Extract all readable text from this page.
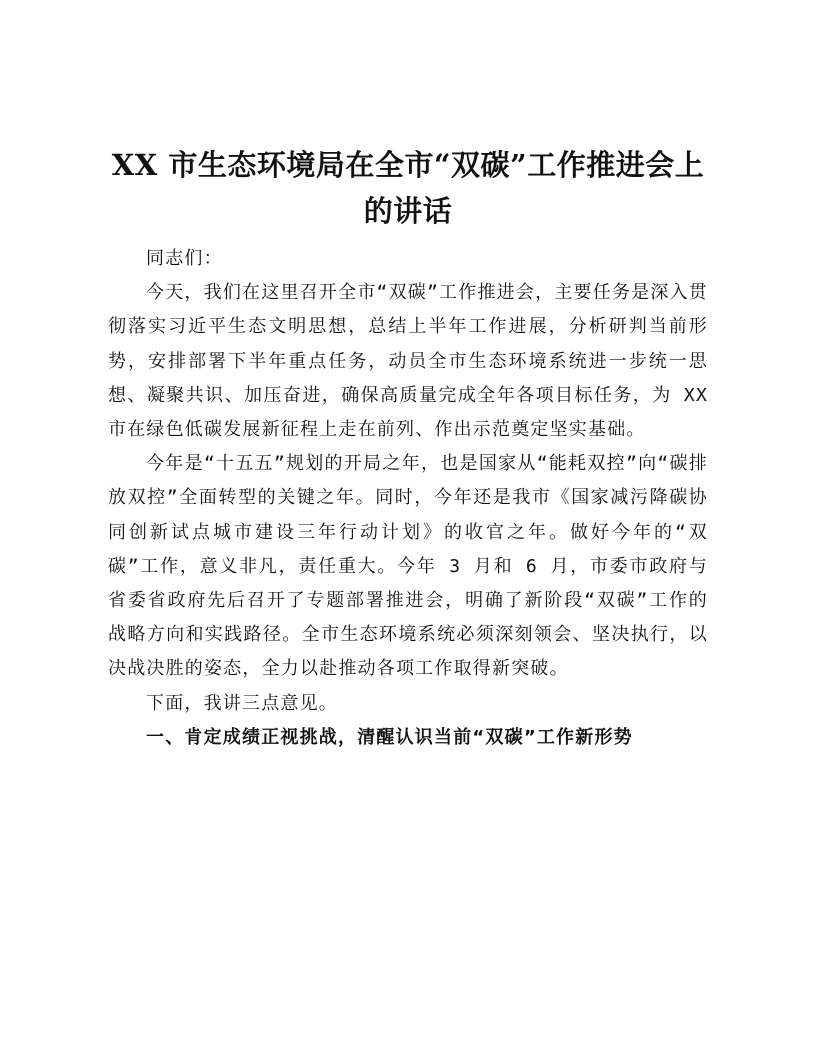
XX 市生态环境局在全市“双碳”工作推进会上的讲话

同志们：

今天，我们在这里召开全市“双碳”工作推进会，主要任务是深入贯彻落实习近平生态文明思想，总结上半年工作进展，分析研判当前形势，安排部署下半年重点任务，动员全市生态环境系统进一步统一思想、凝聚共识、加压奋进，确保高质量完成全年各项目标任务，为 XX 市在绿色低碳发展新征程上走在前列、作出示范奠定坚实基础。

今年是“十五五”规划的开局之年，也是国家从“能耗双控”向“碳排放双控”全面转型的关键之年。同时，今年还是我市《国家减污降碳协同创新试点城市建设三年行动计划》的收官之年。做好今年的“双碳”工作，意义非凡，责任重大。今年 3 月和 6 月，市委市政府与省委省政府先后召开了专题部署推进会，明确了新阶段“双碳”工作的战略方向和实践路径。全市生态环境系统必须深刻领会、坚决执行，以决战决胜的姿态，全力以赴推动各项工作取得新突破。

下面，我讲三点意见。

一、肯定成绩正视挑战，清醒认识当前“双碳”工作新形势
